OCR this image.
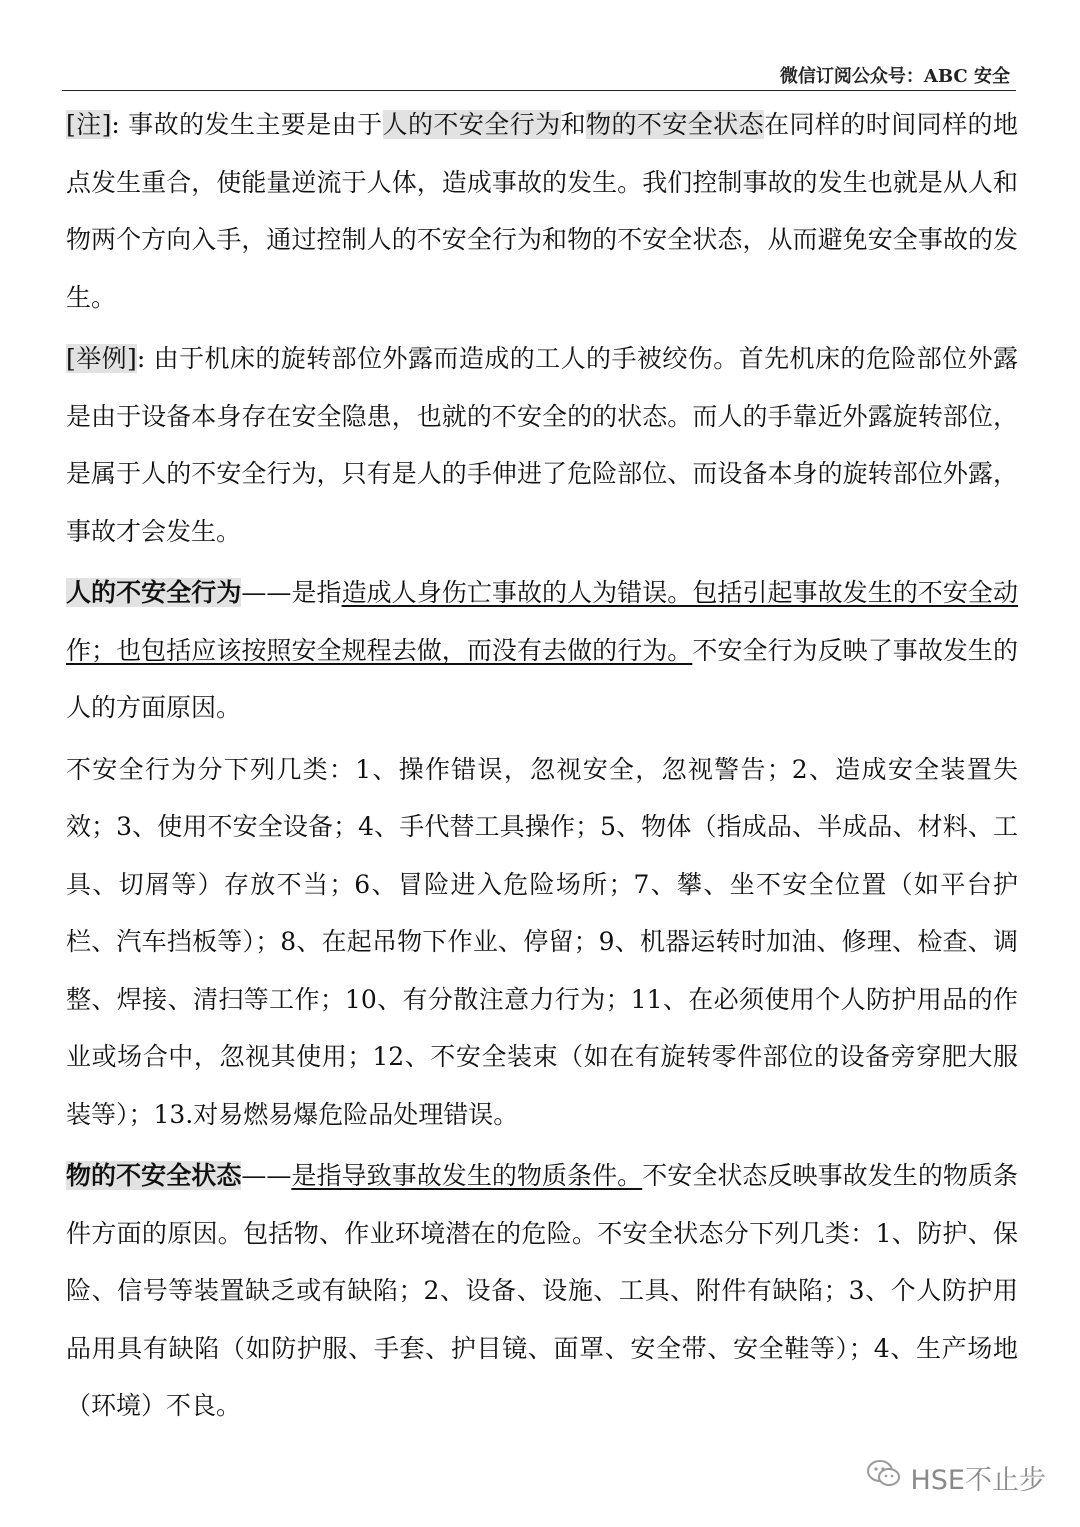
微信订阅公众号：ABC 安全

[注]: 事故的发生主要是由于人的不安全行为和物的不安全状态在同样的时间同样的地点发生重合，使能量逆流于人体，造成事故的发生。我们控制事故的发生也就是从人和物两个方向入手，通过控制人的不安全行为和物的不安全状态，从而避免安全事故的发生。

[举例]: 由于机床的旋转部位外露而造成的工人的手被绞伤。首先机床的危险部位外露是由于设备本身存在安全隐患，也就的不安全的的状态。而人的手靠近外露旋转部位，是属于人的不安全行为，只有是人的手伸进了危险部位、而设备本身的旋转部位外露，事故才会发生。

人的不安全行为——是指造成人身伤亡事故的人为错误。包括引起事故发生的不安全动作；也包括应该按照安全规程去做，而没有去做的行为。不安全行为反映了事故发生的人的方面原因。

不安全行为分下列几类：1、操作错误，忽视安全，忽视警告；2、造成安全装置失效；3、使用不安全设备；4、手代替工具操作；5、物体（指成品、半成品、材料、工具、切屑等）存放不当；6、冒险进入危险场所；7、攀、坐不安全位置（如平台护栏、汽车挡板等）；8、在起吊物下作业、停留；9、机器运转时加油、修理、检查、调整、焊接、清扫等工作；10、有分散注意力行为；11、在必须使用个人防护用品的作业或场合中，忽视其使用；12、不安全装束（如在有旋转零件部位的设备旁穿肥大服装等）；13.对易燃易爆危险品处理错误。

物的不安全状态——是指导致事故发生的物质条件。不安全状态反映事故发生的物质条件方面的原因。包括物、作业环境潜在的危险。不安全状态分下列几类：1、防护、保险、信号等装置缺乏或有缺陷；2、设备、设施、工具、附件有缺陷；3、个人防护用品用具有缺陷（如防护服、手套、护目镜、面罩、安全带、安全鞋等）；4、生产场地（环境）不良。

HSE不止步
